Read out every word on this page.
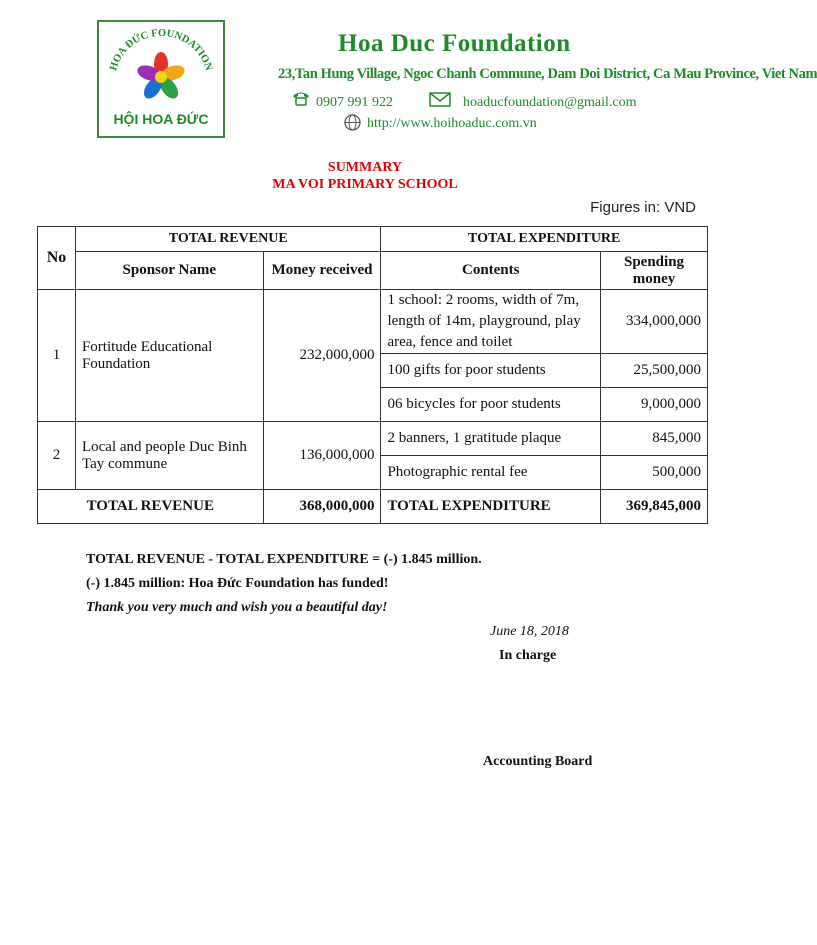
HOA ĐỨC FOUNDATION
HỘI HOA ĐỨC
Hoa Duc Foundation
23,Tan Hung Village, Ngoc Chanh Commune, Dam Doi District, Ca Mau Province, Viet Nam
0907 991 922	hoaducfoundation@gmail.com
http://www.hoihoaduc.com.vn
SUMMARY
MA VOI PRIMARY SCHOOL
Figures in: VND
No	TOTAL REVENUE		TOTAL EXPENDITURE	
	Sponsor Name	Money received	Contents	Spending money
1	Fortitude Educational Foundation	232,000,000	1 school: 2 rooms, width of 7m, length of 14m, playground, play area, fence and toilet	334,000,000
			100 gifts for poor students	25,500,000
			06 bicycles for poor students	9,000,000
2	Local and people Duc Binh Tay commune	136,000,000	2 banners, 1 gratitude plaque	845,000
			Photographic rental fee	500,000
TOTAL REVENUE		368,000,000	TOTAL EXPENDITURE	369,845,000
TOTAL REVENUE - TOTAL EXPENDITURE = (-) 1.845 million.
(-) 1.845 million: Hoa Đức Foundation has funded!
Thank you very much and wish you a beautiful day!
June 18, 2018
In charge
Accounting Board
